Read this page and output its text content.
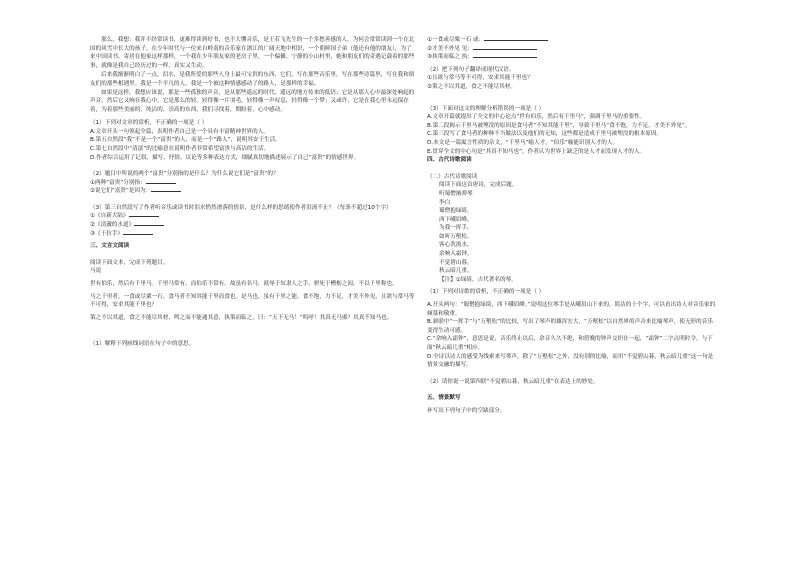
那么，我想：我并不经常读书，更难得读到好书，也不大懂音乐，是王若飞先生的一个多愁善感的人，为何会常常读到一个在北国的风雪中长大的孩子，在少年时代与一位来自岭南的音乐家在浙江的广阔天地中相识，一个朝鲜国子弟（他还有他的朋友），为了来中国读书，寄居在他家这样那样，一个我在少年朋友家的老房子里，一个偏僻、宁静的小山村里，她和朋友们的奇遇记载着的那些事，就像是我自己经历过的一样，真实又生动。

后来我渐渐明白了一点，泪水，是我所爱的那些人身上最可宝贵的东西，它们，写在那些音乐里，写在那些诗篇里，写在我和朋友们的那些相遇里。我是一个平凡的人，我是一个被这种情感感动了的路人，是那样的幸福。

如果是这样，我想应该说，那是一些孤独的声音，是从那些遥远的时代、遥远的地方传来的低语；它是从那人心中最深处响起的声音，然后它又响在我心中，它是那么的轻，轻得像一片羽毛，轻得像一声叹息，轻得像一个梦；又或许，它是在我心里永远保存着，为着那些美丽的、纯洁的、崇高的东西，我们寻找着，期盼着，心中感动。

（1）下列对文章的赏析，不正确的一项是（ ）

A.文章开头一句领起全篇，表明作者自己是一个具有丰富精神世界的人。

B.第五自然段“我”不是一个“富贵”的人，而是一个“路人”，说明其安于生活。

C.第七自然段中“清淡”的比喻意在说明作者非常希望富贵与高洁的生活。

D.作者综合运用了记叙、描写、抒情、议论等多种表达方式，细腻真切地描述展示了自己“富贵”的情感世界。

（2）题目中所说的两个“富贵”分别指的是什么？为什么说它们是“富贵”的？

①两种“富贵”分别指：

②说它们“富贵”是因为：

（3）第三自然段写了作者听音乐或读书时泪水悄然滑落的情景，是什么样的思绪使作者泪流不止？（每条不超过10个字）

①《自新大陆》

②《清澈的水道》

③《于拉手》

三、文言文阅读

阅读下面文本，完成下列题目。

马说

世有伯乐，然后有千里马。千里马常有，而伯乐不常有。故虽有名马，祇辱于奴隶人之手，骈死于槽枥之间，不以千里称也。

马之千里者，一食或尽粟一石。食马者不知其能千里而食也。是马也，虽有千里之能，食不饱，力不足，才美不外见，且欲与常马等不可得，安求其能千里也？

策之不以其道，食之不能尽其材，鸣之而不能通其意，执策而临之，曰：“天下无马！”呜呼！其真无马邪？其真不知马也。

（1）解释下列画线词语在句子中的意思。

①一食或尽粟一石 或：

②才美不外见 见：

③执策而临之 执：

（2）把下列句子翻译成现代汉语。

①且欲与常马等不可得，安求其能千里也？

②策之不以其道，食之不能尽其材。

（3）下面对这文的理解分析错误的一项是（ ）

A.文章开篇就提出了全文的中心论点“世有伯乐，然后有千里马”，强调千里马的重要性。

B.第二段揭示千里马被埋没的原因是食马者“不知其能千里”，导致千里马“食不饱，力不足，才美不外见”。

C.第三段写了食马者的种种不当做法以及他们的无知，这些都是造成千里马被埋没的根本原因。

D.本文是一篇寓言性质的杂文，“千里马”喻人才，“伯乐”喻能识别人才的人。

E.贯穿全文的中心句是“其真不知马也”，作者认为世界上缺乏的是人才而发现人才的人。

四、古代诗歌阅读

（二）古代诗歌阅读

阅读下面这首唐诗，完成后题。

听蜀僧濬弹琴

李白

蜀僧抱绿绮，

西下峨眉峰。

为我一挥手，

如听万壑松。

客心洗流水，

余响入霜钟。

不觉碧山暮，

秋云暗几重。

【注】①绿绮，古代著名的琴。

（1）下列对诗歌的赏析，不正确的一项是（ ）

A.开头两句：“蜀僧抱绿绮，西下峨眉峰。”说明这位琴手是从峨眉山下来的，简洁的十个字，可以看出诗人对音乐家的倾慕和敬重。

B.颔联中“一挥手”与“万壑松”的比较，写出了琴声的雄浑宏大，“万壑松”以自然界的声音来比喻琴声，使无形的音乐变得生动可感。

C.“余响入霜钟”，意思是说，音乐终止以后，余音久久不绝，和傍晚的钟声交织在一起，“霜钟”二字点明时令，与下面“秋云暗几重”相应。

D.全诗以诗人的感受为线索来写琴声，除了“万壑松”之外，没有别的比喻，而用“不觉碧山暮，秋云暗几重”这一句是情景交融的描写。

（2）请你说一说第四联“不觉碧山暮，秋云暗几重”在表达上的妙处。

五、情景默写

补写出下列句子中的空缺部分。
